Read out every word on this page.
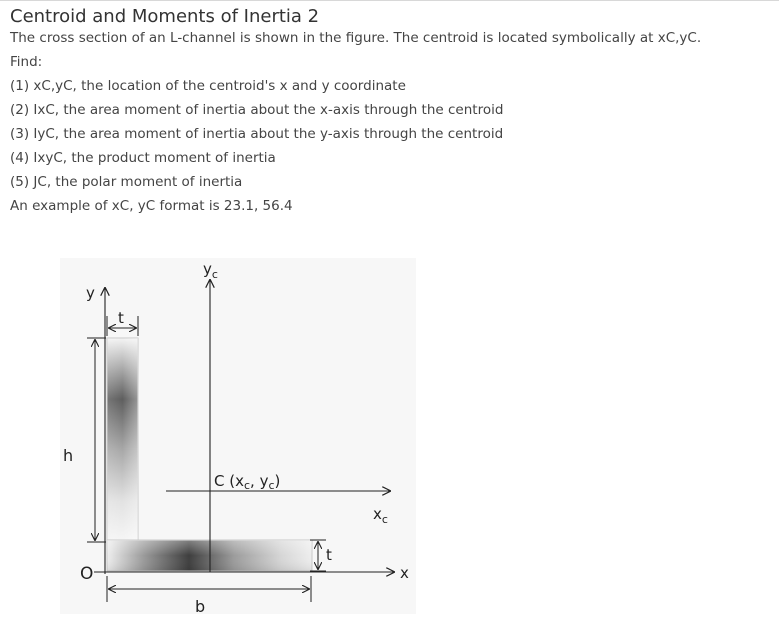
Centroid and Moments of Inertia 2
The cross section of an L-channel is shown in the figure. The centroid is located symbolically at xC,yC.
Find:
(1) xC,yC, the location of the centroid's x and y coordinate
(2) IxC, the area moment of inertia about the x-axis through the centroid
(3) IyC, the area moment of inertia about the y-axis through the centroid
(4) IxyC, the product moment of inertia
(5) JC, the polar moment of inertia
An example of xC, yC format is 23.1, 56.4
y
x
O
$y_c$
$x_c$
C ($x_c$, $y_c$)
h
b
t
t
